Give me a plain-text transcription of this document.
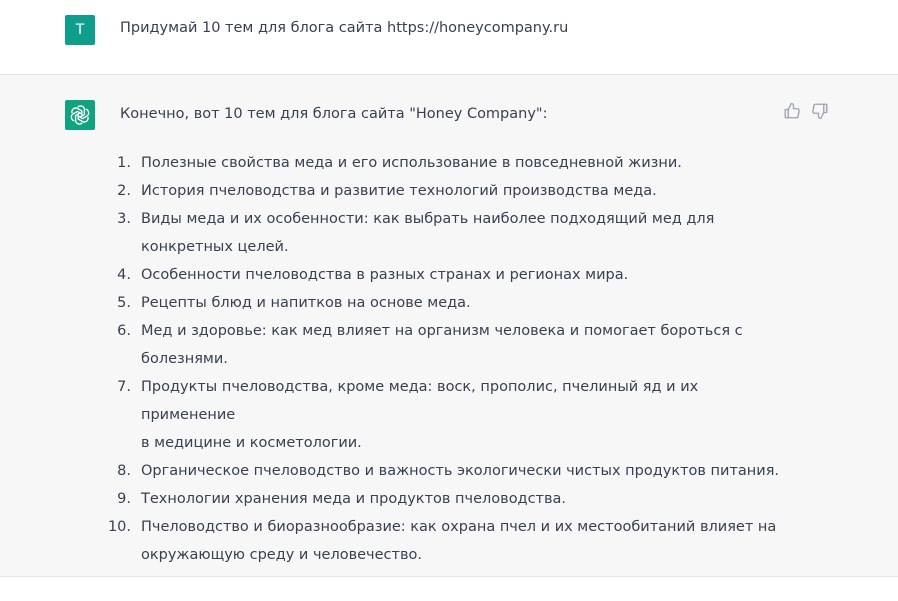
T	Придумай 10 тем для блога сайта https://honeycompany.ru
Конечно, вот 10 тем для блога сайта "Honey Company":
1. Полезные свойства меда и его использование в повседневной жизни.
2. История пчеловодства и развитие технологий производства меда.
3. Виды меда и их особенности: как выбрать наиболее подходящий мед для
конкретных целей.
4. Особенности пчеловодства в разных странах и регионах мира.
5. Рецепты блюд и напитков на основе меда.
6. Мед и здоровье: как мед влияет на организм человека и помогает бороться с
болезнями.
7. Продукты пчеловодства, кроме меда: воск, прополис, пчелиный яд и их применение
в медицине и косметологии.
8. Органическое пчеловодство и важность экологически чистых продуктов питания.
9. Технологии хранения меда и продуктов пчеловодства.
10. Пчеловодство и биоразнообразие: как охрана пчел и их местообитаний влияет на
окружающую среду и человечество.
